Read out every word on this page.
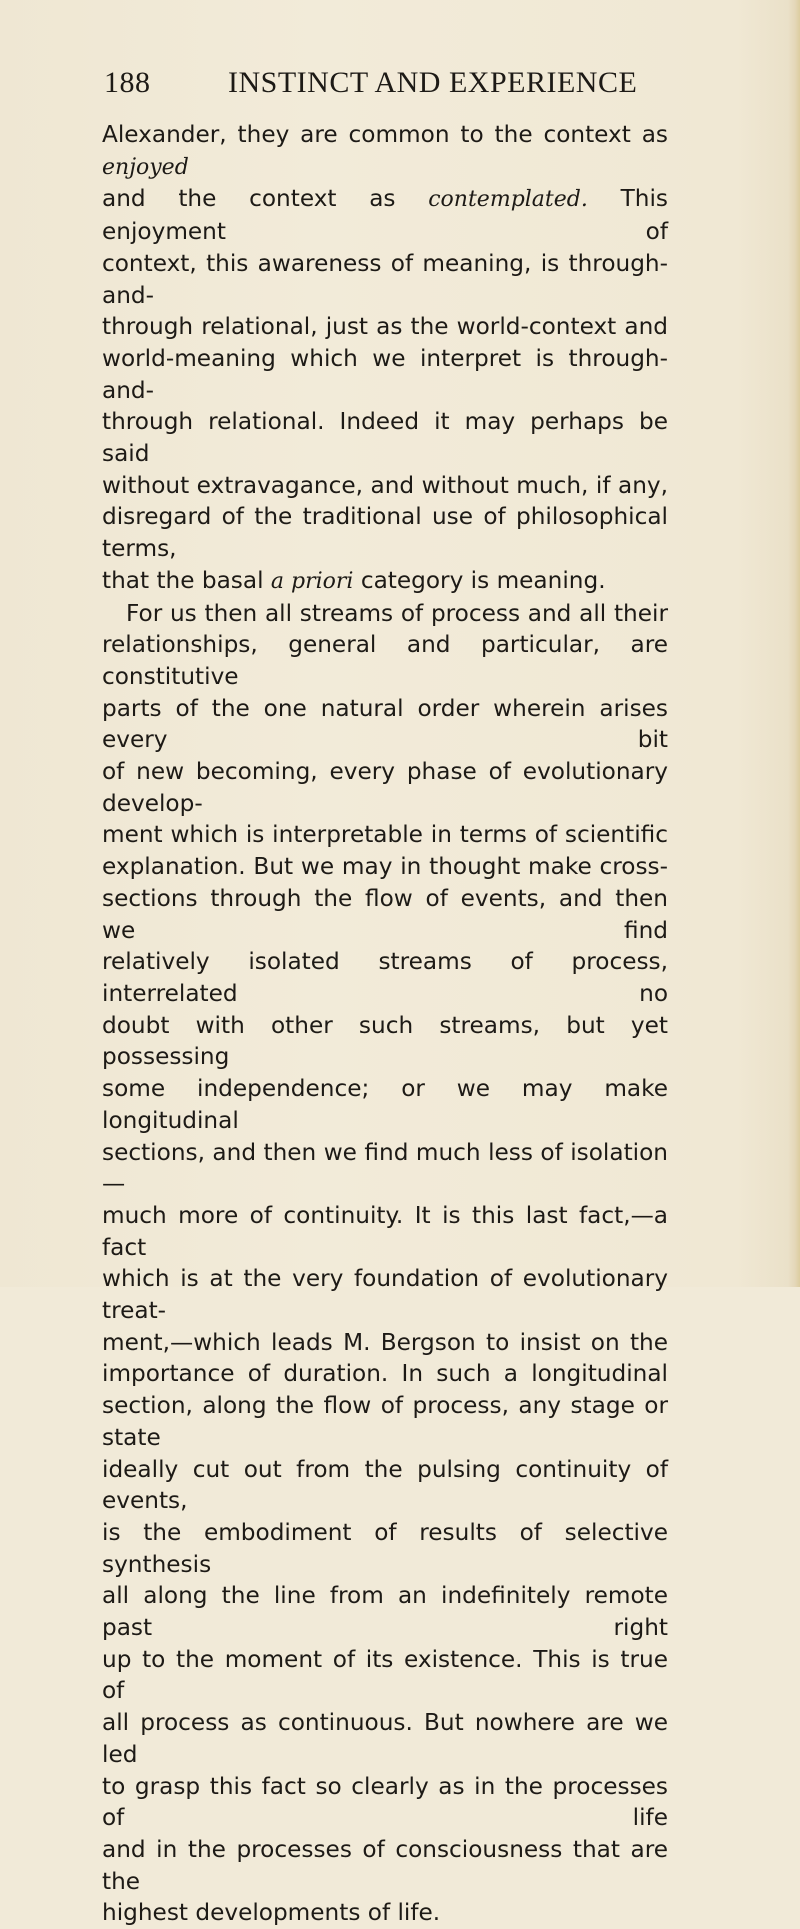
188	INSTINCT AND EXPERIENCE

Alexander, they are common to the context as enjoyed

and the context as contemplated. This enjoyment of

context, this awareness of meaning, is through-and-

through relational, just as the world-context and

world-meaning which we interpret is through-and-

through relational. Indeed it may perhaps be said

without extravagance, and without much, if any,

disregard of the traditional use of philosophical terms,

that the basal a priori category is meaning.

For us then all streams of process and all their

relationships, general and particular, are constitutive

parts of the one natural order wherein arises every bit

of new becoming, every phase of evolutionary develop-

ment which is interpretable in terms of scientific

explanation. But we may in thought make cross-

sections through the flow of events, and then we find

relatively isolated streams of process, interrelated no

doubt with other such streams, but yet possessing

some independence; or we may make longitudinal

sections, and then we find much less of isolation—

much more of continuity. It is this last fact,—a fact

which is at the very foundation of evolutionary treat-

ment,—which leads M. Bergson to insist on the

importance of duration. In such a longitudinal

section, along the flow of process, any stage or state

ideally cut out from the pulsing continuity of events,

is the embodiment of results of selective synthesis

all along the line from an indefinitely remote past right

up to the moment of its existence. This is true of

all process as continuous. But nowhere are we led

to grasp this fact so clearly as in the processes of life

and in the processes of consciousness that are the

highest developments of life.
